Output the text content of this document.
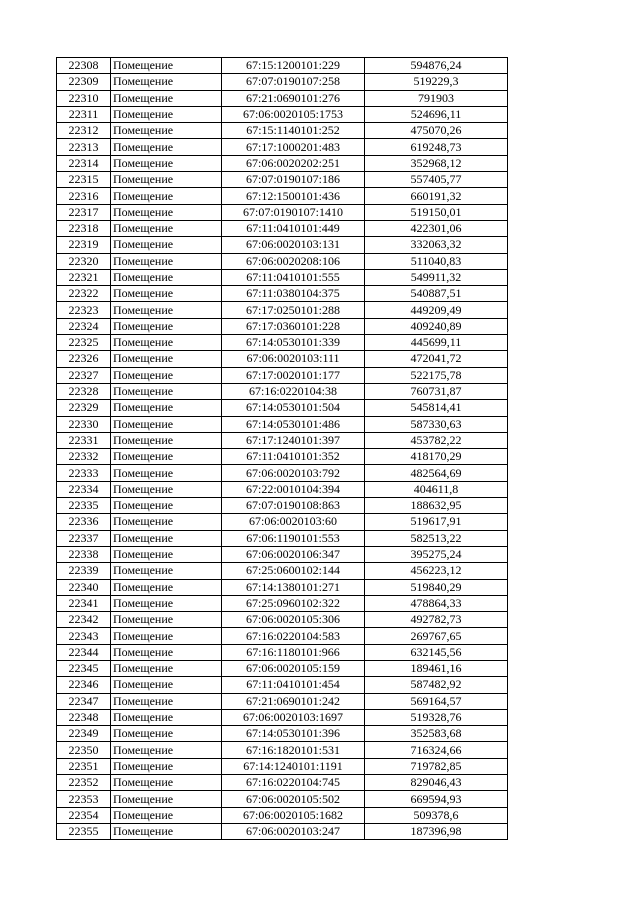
22308	Помещение	67:15:1200101:229	594876,24
22309	Помещение	67:07:0190107:258	519229,3
22310	Помещение	67:21:0690101:276	791903
22311	Помещение	67:06:0020105:1753	524696,11
22312	Помещение	67:15:1140101:252	475070,26
22313	Помещение	67:17:1000201:483	619248,73
22314	Помещение	67:06:0020202:251	352968,12
22315	Помещение	67:07:0190107:186	557405,77
22316	Помещение	67:12:1500101:436	660191,32
22317	Помещение	67:07:0190107:1410	519150,01
22318	Помещение	67:11:0410101:449	422301,06
22319	Помещение	67:06:0020103:131	332063,32
22320	Помещение	67:06:0020208:106	511040,83
22321	Помещение	67:11:0410101:555	549911,32
22322	Помещение	67:11:0380104:375	540887,51
22323	Помещение	67:17:0250101:288	449209,49
22324	Помещение	67:17:0360101:228	409240,89
22325	Помещение	67:14:0530101:339	445699,11
22326	Помещение	67:06:0020103:111	472041,72
22327	Помещение	67:17:0020101:177	522175,78
22328	Помещение	67:16:0220104:38	760731,87
22329	Помещение	67:14:0530101:504	545814,41
22330	Помещение	67:14:0530101:486	587330,63
22331	Помещение	67:17:1240101:397	453782,22
22332	Помещение	67:11:0410101:352	418170,29
22333	Помещение	67:06:0020103:792	482564,69
22334	Помещение	67:22:0010104:394	404611,8
22335	Помещение	67:07:0190108:863	188632,95
22336	Помещение	67:06:0020103:60	519617,91
22337	Помещение	67:06:1190101:553	582513,22
22338	Помещение	67:06:0020106:347	395275,24
22339	Помещение	67:25:0600102:144	456223,12
22340	Помещение	67:14:1380101:271	519840,29
22341	Помещение	67:25:0960102:322	478864,33
22342	Помещение	67:06:0020105:306	492782,73
22343	Помещение	67:16:0220104:583	269767,65
22344	Помещение	67:16:1180101:966	632145,56
22345	Помещение	67:06:0020105:159	189461,16
22346	Помещение	67:11:0410101:454	587482,92
22347	Помещение	67:21:0690101:242	569164,57
22348	Помещение	67:06:0020103:1697	519328,76
22349	Помещение	67:14:0530101:396	352583,68
22350	Помещение	67:16:1820101:531	716324,66
22351	Помещение	67:14:1240101:1191	719782,85
22352	Помещение	67:16:0220104:745	829046,43
22353	Помещение	67:06:0020105:502	669594,93
22354	Помещение	67:06:0020105:1682	509378,6
22355	Помещение	67:06:0020103:247	187396,98
